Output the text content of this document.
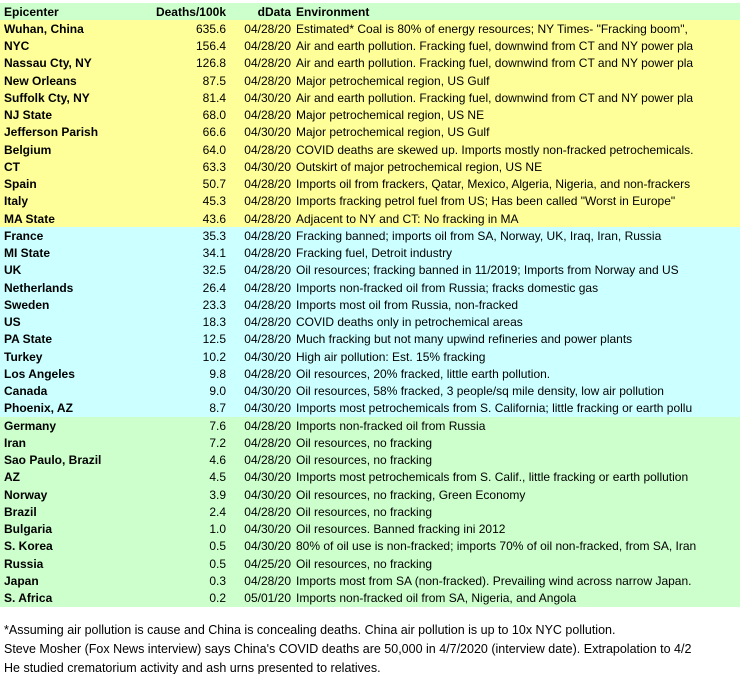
Epicenter	Deaths/100k	dData Environment
Wuhan, China	635.6	04/28/20 Estimated* Coal is 80% of energy resources; NY Times- "Fracking boom",
NYC	156.4	04/28/20 Air and earth pollution. Fracking fuel, downwind from CT and NY power pla
Nassau Cty, NY	126.8	04/28/20 Air and earth pollution. Fracking fuel, downwind from CT and NY power pla
New Orleans	87.5	04/28/20 Major petrochemical region, US Gulf
Suffolk Cty, NY	81.4	04/30/20 Air and earth pollution. Fracking fuel, downwind from CT and NY power pla
NJ State	68.0	04/28/20 Major petrochemical region, US NE
Jefferson Parish	66.6	04/30/20 Major petrochemical region, US Gulf
Belgium	64.0	04/28/20 COVID deaths are skewed up. Imports mostly non-fracked petrochemicals.
CT	63.3	04/30/20 Outskirt of major petrochemical region, US NE
Spain	50.7	04/28/20 Imports oil from frackers, Qatar, Mexico, Algeria, Nigeria, and non-frackers
Italy	45.3	04/28/20 Imports fracking petrol fuel from US; Has been called "Worst in Europe"
MA State	43.6	04/28/20 Adjacent to NY and CT: No fracking in MA
France	35.3	04/28/20 Fracking banned; imports oil from SA, Norway, UK, Iraq, Iran, Russia
MI State	34.1	04/28/20 Fracking fuel, Detroit industry
UK	32.5	04/28/20 Oil resources; fracking banned in 11/2019; Imports from Norway and US
Netherlands	26.4	04/28/20 Imports non-fracked oil from Russia; fracks domestic gas
Sweden	23.3	04/28/20 Imports most oil from Russia, non-fracked
US	18.3	04/28/20 COVID deaths only in petrochemical areas
PA State	12.5	04/28/20 Much fracking but not many upwind refineries and power plants
Turkey	10.2	04/30/20 High air pollution: Est. 15% fracking
Los Angeles	9.8	04/28/20 Oil resources, 20% fracked, little earth pollution.
Canada	9.0	04/30/20 Oil resources, 58% fracked, 3 people/sq mile density, low air pollution
Phoenix, AZ	8.7	04/30/20 Imports most petrochemicals from S. California; little fracking or earth pollu
Germany	7.6	04/28/20 Imports non-fracked oil from Russia
Iran	7.2	04/28/20 Oil resources, no fracking
Sao Paulo, Brazil	4.6	04/28/20 Oil resources, no fracking
AZ	4.5	04/30/20 Imports most petrochemicals from S. Calif., little fracking or earth pollution
Norway	3.9	04/30/20 Oil resources, no fracking, Green Economy
Brazil	2.4	04/28/20 Oil resources, no fracking
Bulgaria	1.0	04/30/20 Oil resources. Banned fracking ini 2012
S. Korea	0.5	04/30/20 80% of oil use is non-fracked; imports 70% of oil non-fracked, from SA, Iran
Russia	0.5	04/25/20 Oil resources, no fracking
Japan	0.3	04/28/20 Imports most from SA (non-fracked). Prevailing wind across narrow Japan.
S. Africa	0.2	05/01/20 Imports non-fracked oil from SA, Nigeria, and Angola
*Assuming air pollution is cause and China is concealing deaths. China air pollution is up to 10x NYC pollution.
Steve Mosher (Fox News interview) says China's COVID deaths are 50,000 in 4/7/2020 (interview date). Extrapolation to 4/2
He studied crematorium activity and ash urns presented to relatives.
